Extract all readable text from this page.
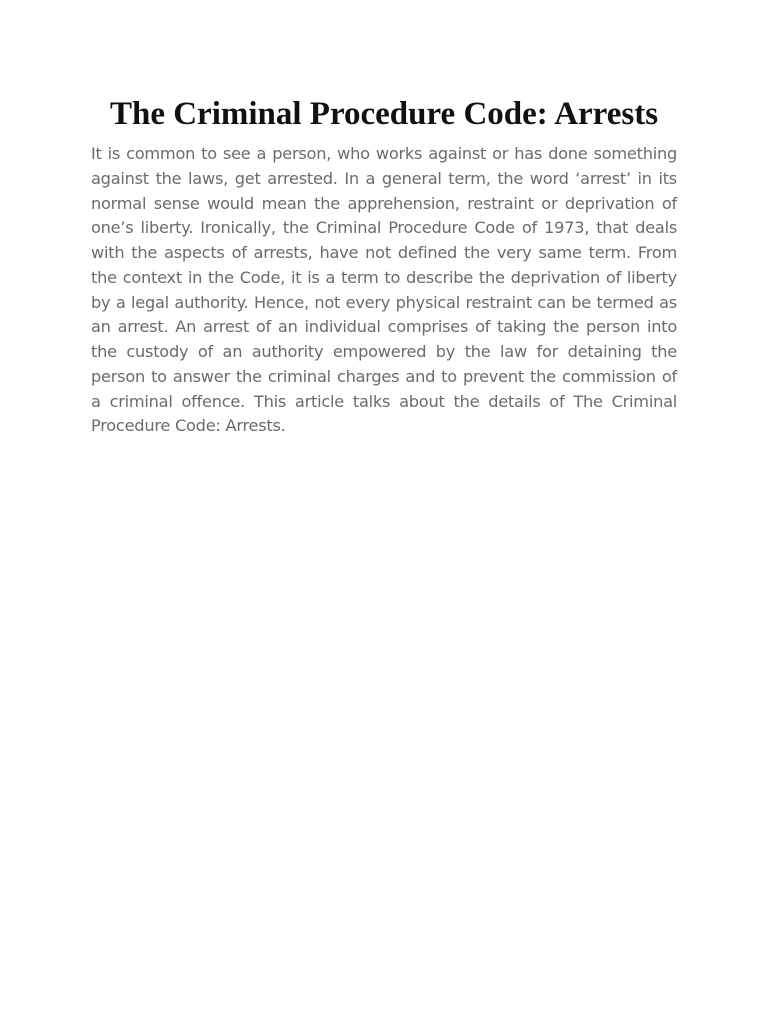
The Criminal Procedure Code: Arrests

It is common to see a person, who works against or has done something against the laws, get arrested. In a general term, the word ‘arrest’ in its normal sense would mean the apprehension, restraint or deprivation of one’s liberty. Ironically, the Criminal Procedure Code of 1973, that deals with the aspects of arrests, have not defined the very same term. From the context in the Code, it is a term to describe the deprivation of liberty by a legal authority. Hence, not every physical restraint can be termed as an arrest. An arrest of an individual comprises of taking the person into the custody of an authority empowered by the law for detaining the person to answer the criminal charges and to prevent the commission of a criminal offence. This article talks about the details of The Criminal Procedure Code: Arrests.
